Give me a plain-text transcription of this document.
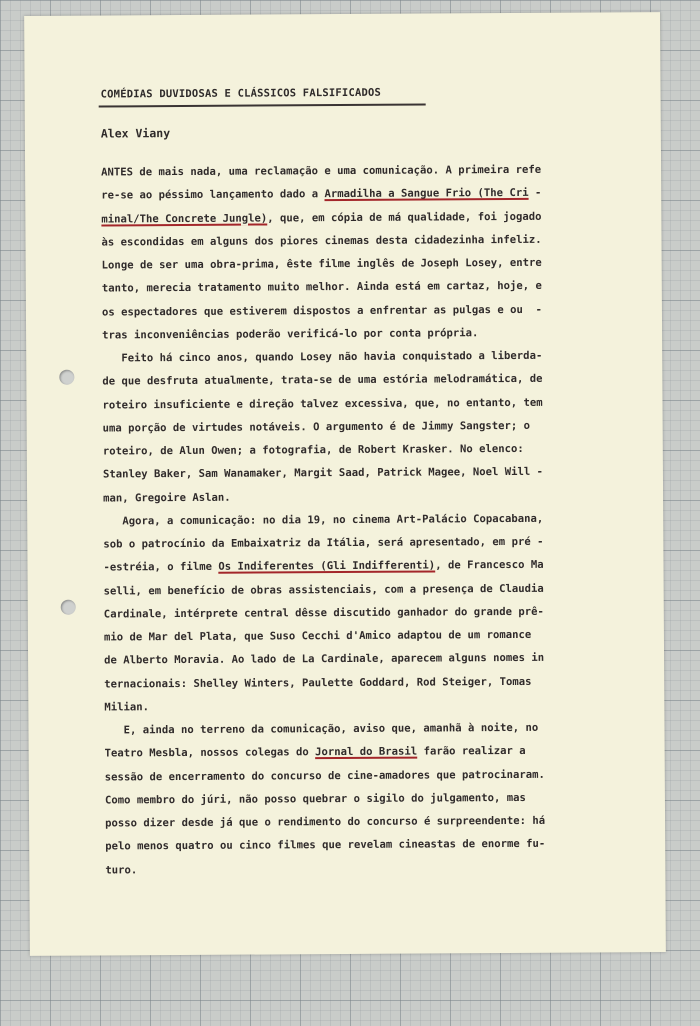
COMÉDIAS DUVIDOSAS E CLÁSSICOS FALSIFICADOS
Alex Viany
ANTES de mais nada, uma reclamação e uma comunicação. A primeira refe
re-se ao péssimo lançamento dado a Armadilha a Sangue Frio (The Cri -
minal/The Concrete Jungle), que, em cópia de má qualidade, foi jogado
às escondidas em alguns dos piores cinemas desta cidadezinha infeliz.
Longe de ser uma obra-prima, êste filme inglês de Joseph Losey, entre
tanto, merecia tratamento muito melhor. Ainda está em cartaz, hoje, e
os espectadores que estiverem dispostos a enfrentar as pulgas e ou  -
tras inconveniências poderão verificá-lo por conta própria.
Feito há cinco anos, quando Losey não havia conquistado a liberda-
de que desfruta atualmente, trata-se de uma estória melodramática, de
roteiro insuficiente e direção talvez excessiva, que, no entanto, tem
uma porção de virtudes notáveis. O argumento é de Jimmy Sangster; o
roteiro, de Alun Owen; a fotografia, de Robert Krasker. No elenco:
Stanley Baker, Sam Wanamaker, Margit Saad, Patrick Magee, Noel Will -
man, Gregoire Aslan.
Agora, a comunicação: no dia 19, no cinema Art-Palácio Copacabana,
sob o patrocínio da Embaixatriz da Itália, será apresentado, em pré -
-estréia, o filme Os Indiferentes (Gli Indifferenti), de Francesco Ma
selli, em benefício de obras assistenciais, com a presença de Claudia
Cardinale, intérprete central dêsse discutido ganhador do grande prê-
mio de Mar del Plata, que Suso Cecchi d'Amico adaptou de um romance
de Alberto Moravia. Ao lado de La Cardinale, aparecem alguns nomes in
ternacionais: Shelley Winters, Paulette Goddard, Rod Steiger, Tomas
Milian.
E, ainda no terreno da comunicação, aviso que, amanhã à noite, no
Teatro Mesbla, nossos colegas do Jornal do Brasil farão realizar a
sessão de encerramento do concurso de cine-amadores que patrocinaram.
Como membro do júri, não posso quebrar o sigilo do julgamento, mas
posso dizer desde já que o rendimento do concurso é surpreendente: há
pelo menos quatro ou cinco filmes que revelam cineastas de enorme fu-
turo.
